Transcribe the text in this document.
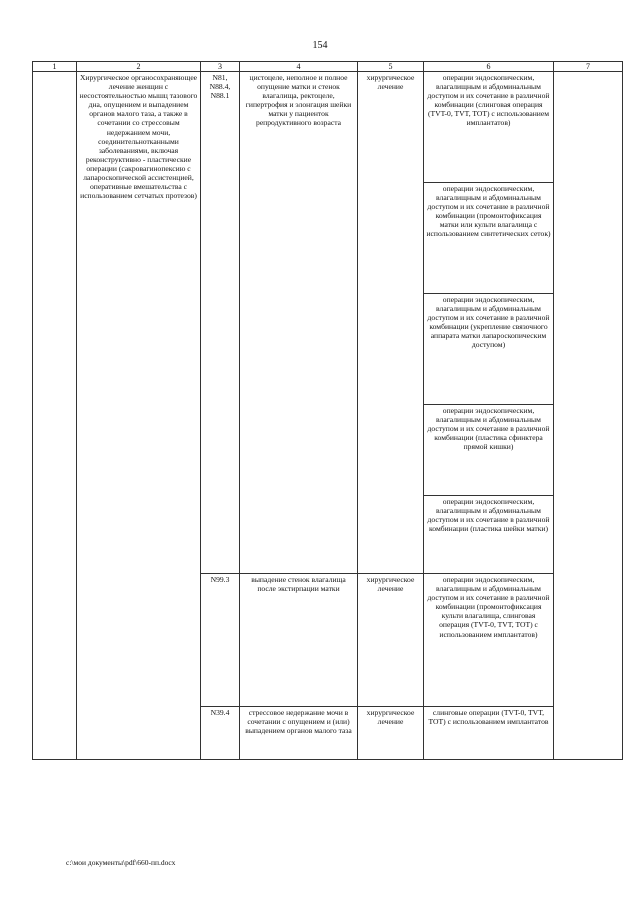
154
1	2	3	4	5	6	7
	Хирургическое органосохраняющее лечение женщин с несостоятельностью мышц тазового дна, опущением и выпадением органов малого таза, а также в сочетании со стрессовым недержанием мочи, соединительнотканными заболеваниями, включая реконструктивно - пластические операции (сакровагинопексию с лапароскопической ассистенцией, оперативные вмешательства с использованием сетчатых протезов)	N81, N88.4, N88.1	цистоцеле, неполное и полное опущение матки и стенок влагалища, ректоцеле, гипертрофия и элонгация шейки матки у пациенток репродуктивного возраста	хирургическое лечение	операции эндоскопическим, влагалищным и абдоминальным доступом и их сочетание в различной комбинации (слинговая операция (TVT-0, TVT, TOT) с использованием имплантатов)	
					операции эндоскопическим, влагалищным и абдоминальным доступом и их сочетание в различной комбинации (промонтофиксация матки или культи влагалища с использованием синтетических сеток)	
					операции эндоскопическим, влагалищным и абдоминальным доступом и их сочетание в различной комбинации (укрепление связочного аппарата матки лапароскопическим доступом)	
					операции эндоскопическим, влагалищным и абдоминальным доступом и их сочетание в различной комбинации (пластика сфинктера прямой кишки)	
					операции эндоскопическим, влагалищным и абдоминальным доступом и их сочетание в различной комбинации (пластика шейки матки)	
		N99.3	выпадение стенок влагалища после экстирпации матки	хирургическое лечение	операции эндоскопическим, влагалищным и абдоминальным доступом и их сочетание в различной комбинации (промонтофиксация культи влагалища, слинговая операция (TVT-0, TVT, TOT) с использованием имплантатов)	
		N39.4	стрессовое недержание мочи в сочетании с опущением и (или) выпадением органов малого таза	хирургическое лечение	слинговые операции (TVT-0, TVT, TOT) с использованием имплантатов	
c:\мои документы\pdf\660-пп.docx
